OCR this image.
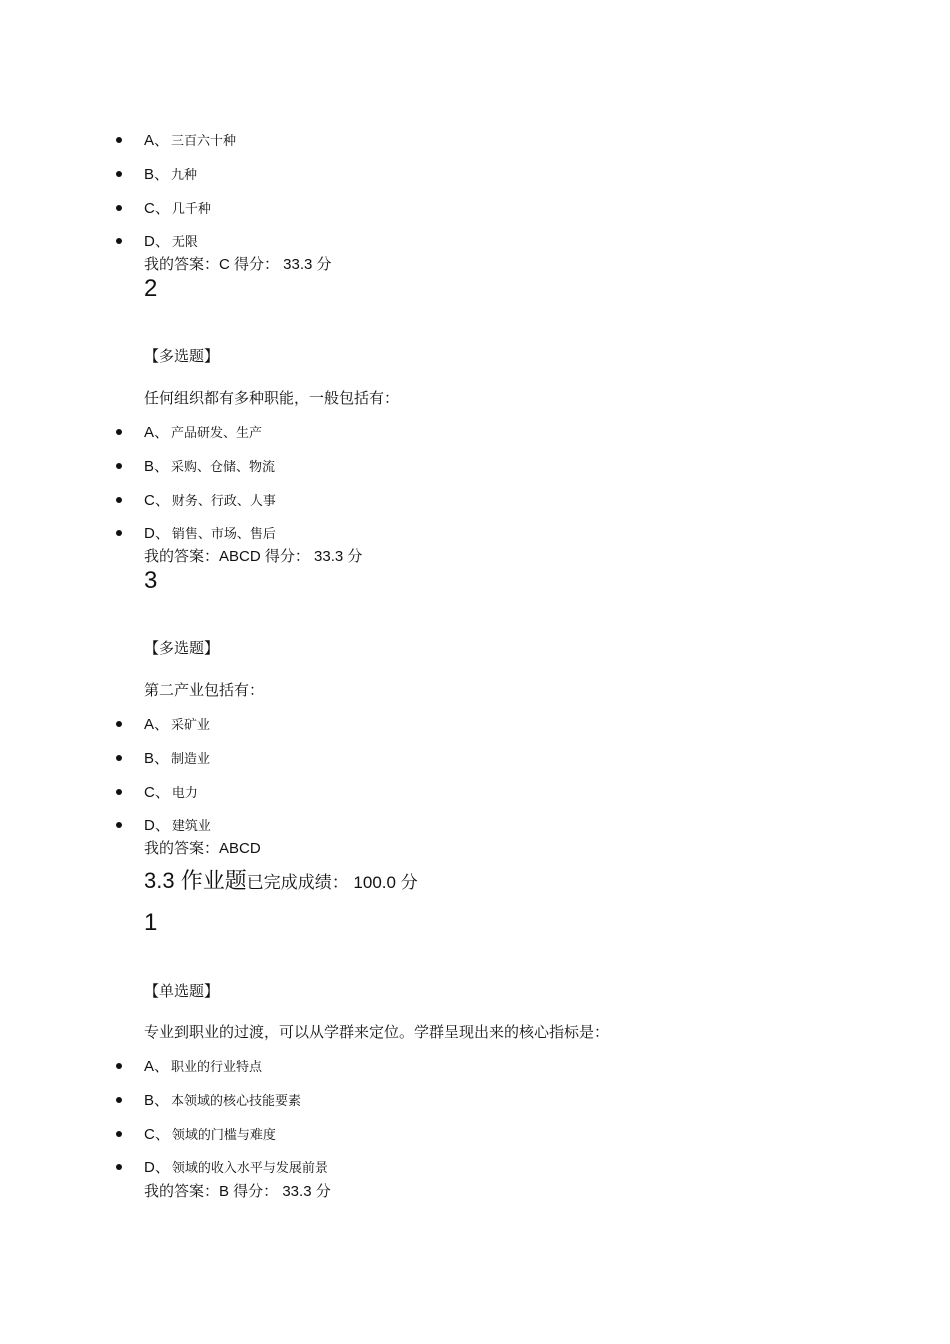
A、 三百六十种
B、 九种
C、 几千种
D、 无限
我的答案：C 得分： 33.3 分
2
【多选题】
任何组织都有多种职能，一般包括有：
A、 产品研发、生产
B、 采购、仓储、物流
C、 财务、行政、人事
D、 销售、市场、售后
我的答案：ABCD 得分： 33.3 分
3
【多选题】
第二产业包括有：
A、 采矿业
B、 制造业
C、 电力
D、 建筑业
我的答案：ABCD
3.3 作业题已完成成绩： 100.0 分
1
【单选题】
专业到职业的过渡，可以从学群来定位。学群呈现出来的核心指标是：
A、 职业的行业特点
B、 本领域的核心技能要素
C、 领域的门槛与难度
D、 领域的收入水平与发展前景
我的答案：B 得分： 33.3 分
